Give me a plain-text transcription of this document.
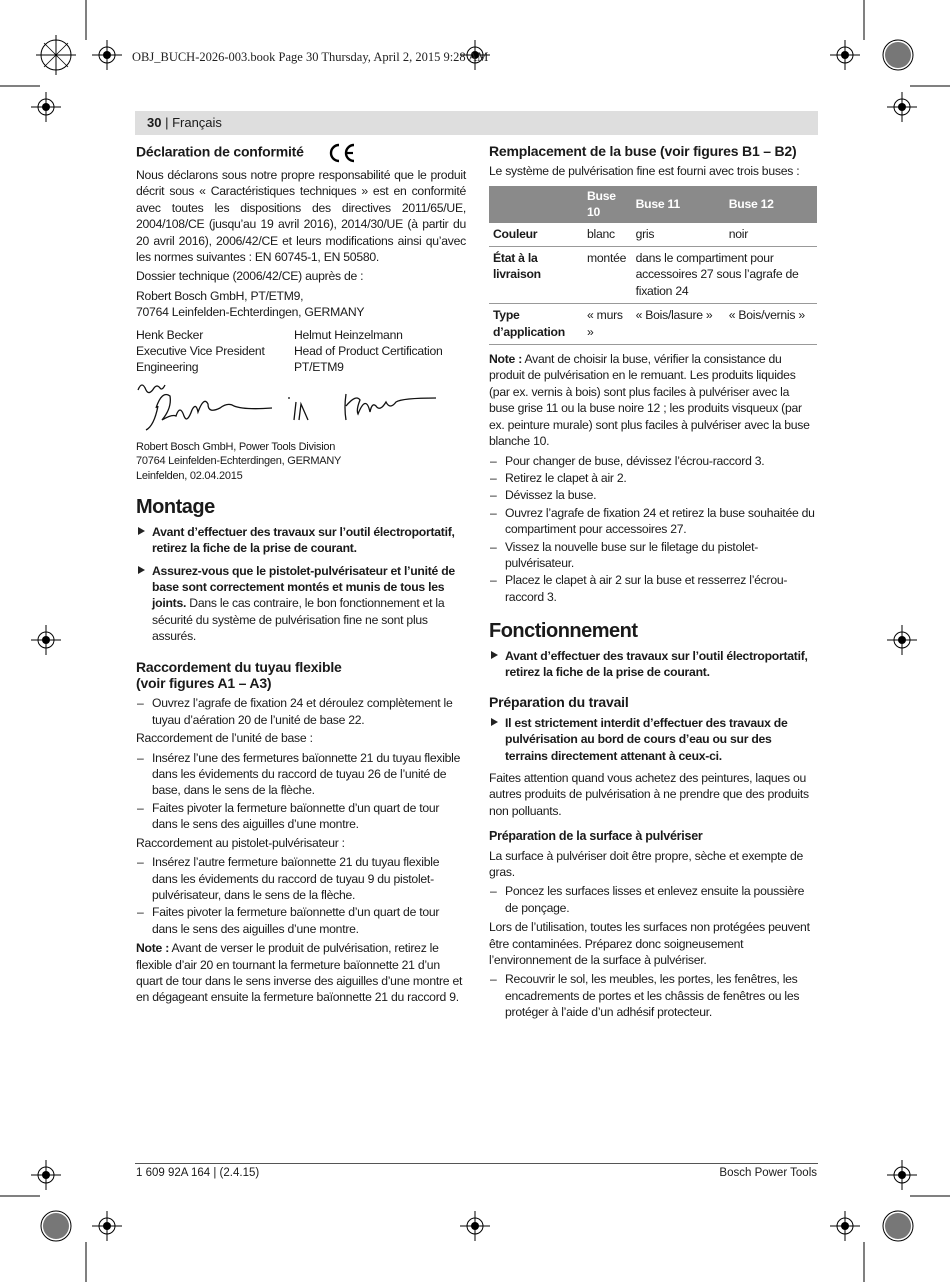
OBJ_BUCH-2026-003.book Page 30 Thursday, April 2, 2015 9:28 AM
30 | Français
Déclaration de conformité

Nous déclarons sous notre propre responsabilité que le produit décrit sous « Caractéristiques techniques » est en conformité avec toutes les dispositions des directives 2011/65/UE, 2004/108/CE (jusqu’au 19 avril 2016), 2014/30/UE (à partir du 20 avril 2016), 2006/42/CE et leurs modifications ainsi qu’avec les normes suivantes : EN 60745-1, EN 50580.

Dossier technique (2006/42/CE) auprès de :

Robert Bosch GmbH, PT/ETM9,
70764 Leinfelden-Echterdingen, GERMANY
Henk Becker
Executive Vice President
Engineering
Helmut Heinzelmann
Head of Product Certification
PT/ETM9
Robert Bosch GmbH, Power Tools Division
70764 Leinfelden-Echterdingen, GERMANY
Leinfelden, 02.04.2015
Montage
Avant d’effectuer des travaux sur l’outil électroportatif, retirez la fiche de la prise de courant.
Assurez-vous que le pistolet-pulvérisateur et l’unité de base sont correctement montés et munis de tous les joints. Dans le cas contraire, le bon fonctionnement et la sécurité du système de pulvérisation fine ne sont plus assurés.
Raccordement du tuyau flexible
(voir figures A1 – A3)
– Ouvrez l’agrafe de fixation 24 et déroulez complètement le tuyau d’aération 20 de l’unité de base 22.

Raccordement de l’unité de base :

– Insérez l’une des fermetures baïonnette 21 du tuyau flexible dans les évidements du raccord de tuyau 26 de l’unité de base, dans le sens de la flèche.
– Faites pivoter la fermeture baïonnette d’un quart de tour dans le sens des aiguilles d’une montre.

Raccordement au pistolet-pulvérisateur :

– Insérez l’autre fermeture baïonnette 21 du tuyau flexible dans les évidements du raccord de tuyau 9 du pistolet-pulvérisateur, dans le sens de la flèche.
– Faites pivoter la fermeture baïonnette d’un quart de tour dans le sens des aiguilles d’une montre.

Note : Avant de verser le produit de pulvérisation, retirez le flexible d’air 20 en tournant la fermeture baïonnette 21 d’un quart de tour dans le sens inverse des aiguilles d’une montre et en dégageant ensuite la fermeture baïonnette 21 du raccord 9.

Remplacement de la buse (voir figures B1 – B2)

Le système de pulvérisation fine est fourni avec trois buses :

	Buse 10	Buse 11	Buse 12
Couleur	blanc	gris	noir
État à la livraison	montée	dans le compartiment pour accessoires 27 sous l’agrafe de fixation 24	
Type d’application	« murs »	« Bois/lasure »	« Bois/vernis »

Note : Avant de choisir la buse, vérifier la consistance du produit de pulvérisation en le remuant. Les produits liquides (par ex. vernis à bois) sont plus faciles à pulvériser avec la buse grise 11 ou la buse noire 12 ; les produits visqueux (par ex. peinture murale) sont plus faciles à pulvériser avec la buse blanche 10.

– Pour changer de buse, dévissez l’écrou-raccord 3.
– Retirez le clapet à air 2.
– Dévissez la buse.
– Ouvrez l’agrafe de fixation 24 et retirez la buse souhaitée du compartiment pour accessoires 27.
– Vissez la nouvelle buse sur le filetage du pistolet-pulvérisateur.
– Placez le clapet à air 2 sur la buse et resserrez l’écrou-raccord 3.
Fonctionnement
Avant d’effectuer des travaux sur l’outil électroportatif, retirez la fiche de la prise de courant.
Préparation du travail
Il est strictement interdit d’effectuer des travaux de pulvérisation au bord de cours d’eau ou sur des terrains directement attenant à ceux-ci.

Faites attention quand vous achetez des peintures, laques ou autres produits de pulvérisation à ne prendre que des produits non polluants.

Préparation de la surface à pulvériser

La surface à pulvériser doit être propre, sèche et exempte de gras.

– Poncez les surfaces lisses et enlevez ensuite la poussière de ponçage.

Lors de l’utilisation, toutes les surfaces non protégées peuvent être contaminées. Préparez donc soigneusement l’environnement de la surface à pulvériser.

– Recouvrir le sol, les meubles, les portes, les fenêtres, les encadrements de portes et les châssis de fenêtres ou les protéger à l’aide d’un adhésif protecteur.
1 609 92A 164 | (2.4.15)	Bosch Power Tools
